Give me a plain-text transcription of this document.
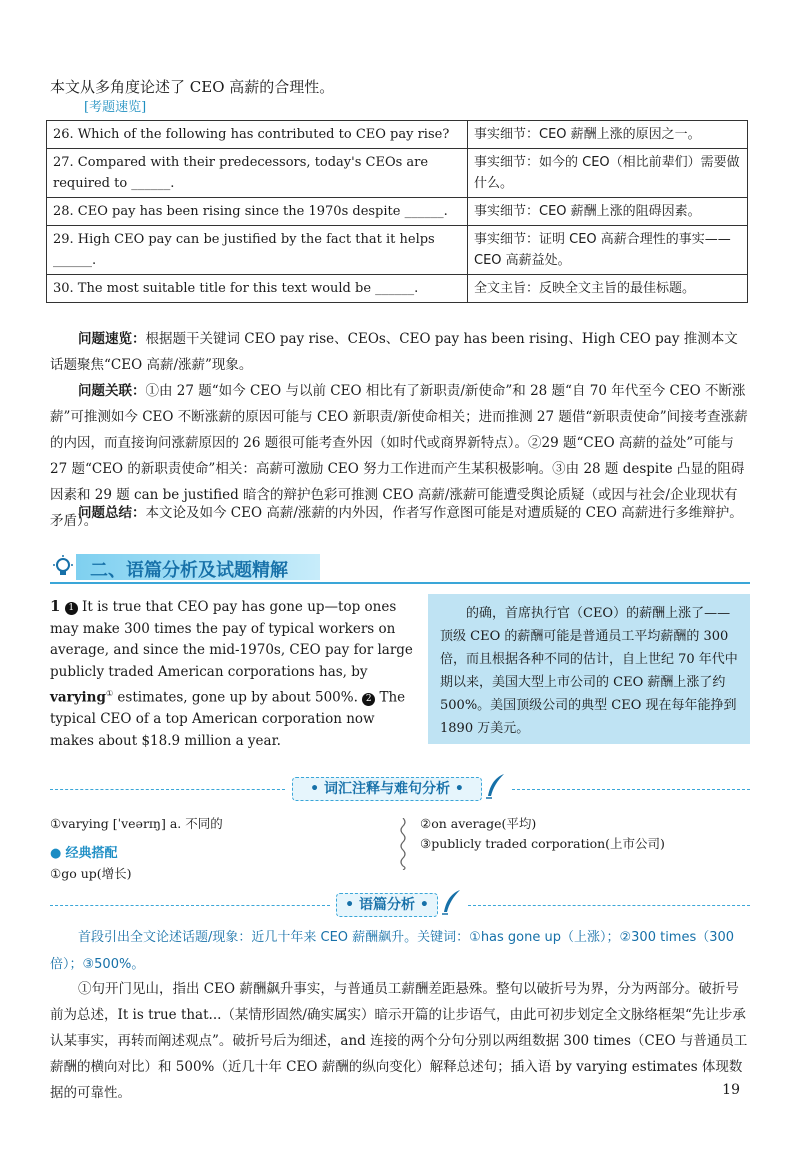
本文从多角度论述了 CEO 高薪的合理性。
[考题速览]
26. Which of the following has contributed to CEO pay rise?	事实细节：CEO 薪酬上涨的原因之一。
27. Compared with their predecessors, today's CEOs are required to ______.	事实细节：如今的 CEO（相比前辈们）需要做什么。
28. CEO pay has been rising since the 1970s despite ______.	事实细节：CEO 薪酬上涨的阻碍因素。
29. High CEO pay can be justified by the fact that it helps ______.	事实细节：证明 CEO 高薪合理性的事实——CEO 高薪益处。
30. The most suitable title for this text would be ______.	全文主旨：反映全文主旨的最佳标题。
问题速览：根据题干关键词 CEO pay rise、CEOs、CEO pay has been rising、High CEO pay 推测本文话题聚焦“CEO 高薪/涨薪”现象。
问题关联：①由 27 题“如今 CEO 与以前 CEO 相比有了新职责/新使命”和 28 题“自 70 年代至今 CEO 不断涨薪”可推测如今 CEO 不断涨薪的原因可能与 CEO 新职责/新使命相关；进而推测 27 题借“新职责使命”间接考查涨薪的内因，而直接询问涨薪原因的 26 题很可能考查外因（如时代或商界新特点）。②29 题“CEO 高薪的益处”可能与 27 题“CEO 的新职责使命”相关：高薪可激励 CEO 努力工作进而产生某积极影响。③由 28 题 despite 凸显的阻碍因素和 29 题 can be justified 暗含的辩护色彩可推测 CEO 高薪/涨薪可能遭受舆论质疑（或因与社会/企业现状有矛盾）。
问题总结：本文论及如今 CEO 高薪/涨薪的内外因，作者写作意图可能是对遭质疑的 CEO 高薪进行多维辩护。
二、语篇分析及试题精解
1 1 It is true that CEO pay has gone up—top ones may make 300 times the pay of typical workers on average, and since the mid-1970s, CEO pay for large publicly traded American corporations has, by varying① estimates, gone up by about 500%. 2 The typical CEO of a top American corporation now makes about $18.9 million a year.
的确，首席执行官（CEO）的薪酬上涨了——顶级 CEO 的薪酬可能是普通员工平均薪酬的 300 倍，而且根据各种不同的估计，自上世纪 70 年代中期以来，美国大型上市公司的 CEO 薪酬上涨了约 500%。美国顶级公司的典型 CEO 现在每年能挣到 1890 万美元。
• 词汇注释与难句分析 •
①varying [ˈveərɪŋ] a. 不同的
● 经典搭配
①go up(增长)
②on average(平均)
③publicly traded corporation(上市公司)
• 语篇分析 •
首段引出全文论述话题/现象：近几十年来 CEO 薪酬飙升。关键词：①has gone up（上涨）；②300 times（300 倍）；③500%。
①句开门见山，指出 CEO 薪酬飙升事实，与普通员工薪酬差距悬殊。整句以破折号为界，分为两部分。破折号前为总述，It is true that...（某情形固然/确实属实）暗示开篇的让步语气，由此可初步划定全文脉络框架“先让步承认某事实，再转而阐述观点”。破折号后为细述，and 连接的两个分句分别以两组数据 300 times（CEO 与普通员工薪酬的横向对比）和 500%（近几十年 CEO 薪酬的纵向变化）解释总述句；插入语 by varying estimates 体现数据的可靠性。	19
